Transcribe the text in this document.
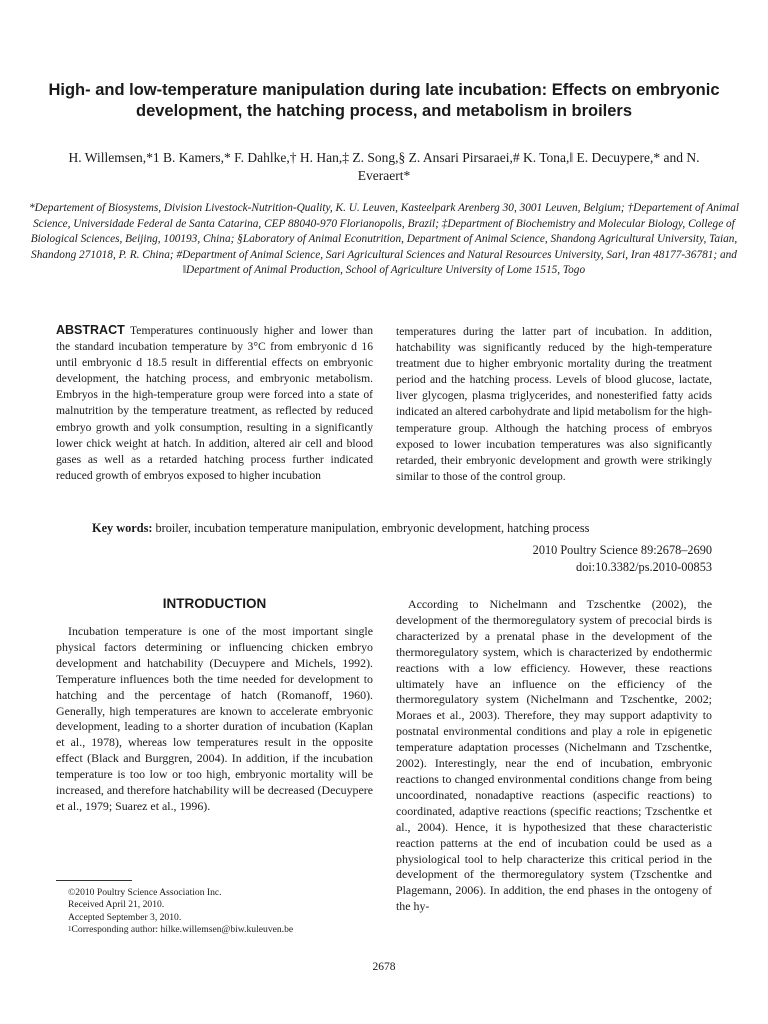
High- and low-temperature manipulation during late incubation: Effects on embryonic development, the hatching process, and metabolism in broilers
H. Willemsen,*1 B. Kamers,* F. Dahlke,† H. Han,‡ Z. Song,§ Z. Ansari Pirsaraei,# K. Tona,‖ E. Decuypere,* and N. Everaert*
*Departement of Biosystems, Division Livestock-Nutrition-Quality, K. U. Leuven, Kasteelpark Arenberg 30, 3001 Leuven, Belgium; †Departement of Animal Science, Universidade Federal de Santa Catarina, CEP 88040-970 Florianopolis, Brazil; ‡Department of Biochemistry and Molecular Biology, College of Biological Sciences, Beijing, 100193, China; §Laboratory of Animal Econutrition, Department of Animal Science, Shandong Agricultural University, Taian, Shandong 271018, P. R. China; #Department of Animal Science, Sari Agricultural Sciences and Natural Resources University, Sari, Iran 48177-36781; and ‖Department of Animal Production, School of Agriculture University of Lome 1515, Togo
ABSTRACT Temperatures continuously higher and lower than the standard incubation temperature by 3°C from embryonic d 16 until embryonic d 18.5 result in differential effects on embryonic development, the hatching process, and embryonic metabolism. Embryos in the high-temperature group were forced into a state of malnutrition by the temperature treatment, as reflected by reduced embryo growth and yolk consumption, resulting in a significantly lower chick weight at hatch. In addition, altered air cell and blood gases as well as a retarded hatching process further indicated reduced growth of embryos exposed to higher incubation
temperatures during the latter part of incubation. In addition, hatchability was significantly reduced by the high-temperature treatment due to higher embryonic mortality during the treatment period and the hatching process. Levels of blood glucose, lactate, liver glycogen, plasma triglycerides, and nonesterified fatty acids indicated an altered carbohydrate and lipid metabolism for the high-temperature group. Although the hatching process of embryos exposed to lower incubation temperatures was also significantly retarded, their embryonic development and growth were strikingly similar to those of the control group.
Key words: broiler, incubation temperature manipulation, embryonic development, hatching process
2010 Poultry Science 89:2678–2690
doi:10.3382/ps.2010-00853
INTRODUCTION
Incubation temperature is one of the most important single physical factors determining or influencing chicken embryo development and hatchability (Decuypere and Michels, 1992). Temperature influences both the time needed for development to hatching and the percentage of hatch (Romanoff, 1960). Generally, high temperatures are known to accelerate embryonic development, leading to a shorter duration of incubation (Kaplan et al., 1978), whereas low temperatures result in the opposite effect (Black and Burggren, 2004). In addition, if the incubation temperature is too low or too high, embryonic mortality will be increased, and therefore hatchability will be decreased (Decuypere et al., 1979; Suarez et al., 1996).
According to Nichelmann and Tzschentke (2002), the development of the thermoregulatory system of precocial birds is characterized by a prenatal phase in the development of the thermoregulatory system, which is characterized by endothermic reactions with a low efficiency. However, these reactions ultimately have an influence on the efficiency of the thermoregulatory system (Nichelmann and Tzschentke, 2002; Moraes et al., 2003). Therefore, they may support adaptivity to postnatal environmental conditions and play a role in epigenetic temperature adaptation processes (Nichelmann and Tzschentke, 2002). Interestingly, near the end of incubation, embryonic reactions to changed environmental conditions change from being uncoordinated, nonadaptive reactions (aspecific reactions) to coordinated, adaptive reactions (specific reactions; Tzschentke et al., 2004). Hence, it is hypothesized that these characteristic reaction patterns at the end of incubation could be used as a physiological tool to help characterize this critical period in the development of the thermoregulatory system (Tzschentke and Plagemann, 2006). In addition, the end phases in the ontogeny of the hy-
©2010 Poultry Science Association Inc.
Received April 21, 2010.
Accepted September 3, 2010.
$^1$Corresponding author: hilke.willemsen@biw.kuleuven.be
2678
